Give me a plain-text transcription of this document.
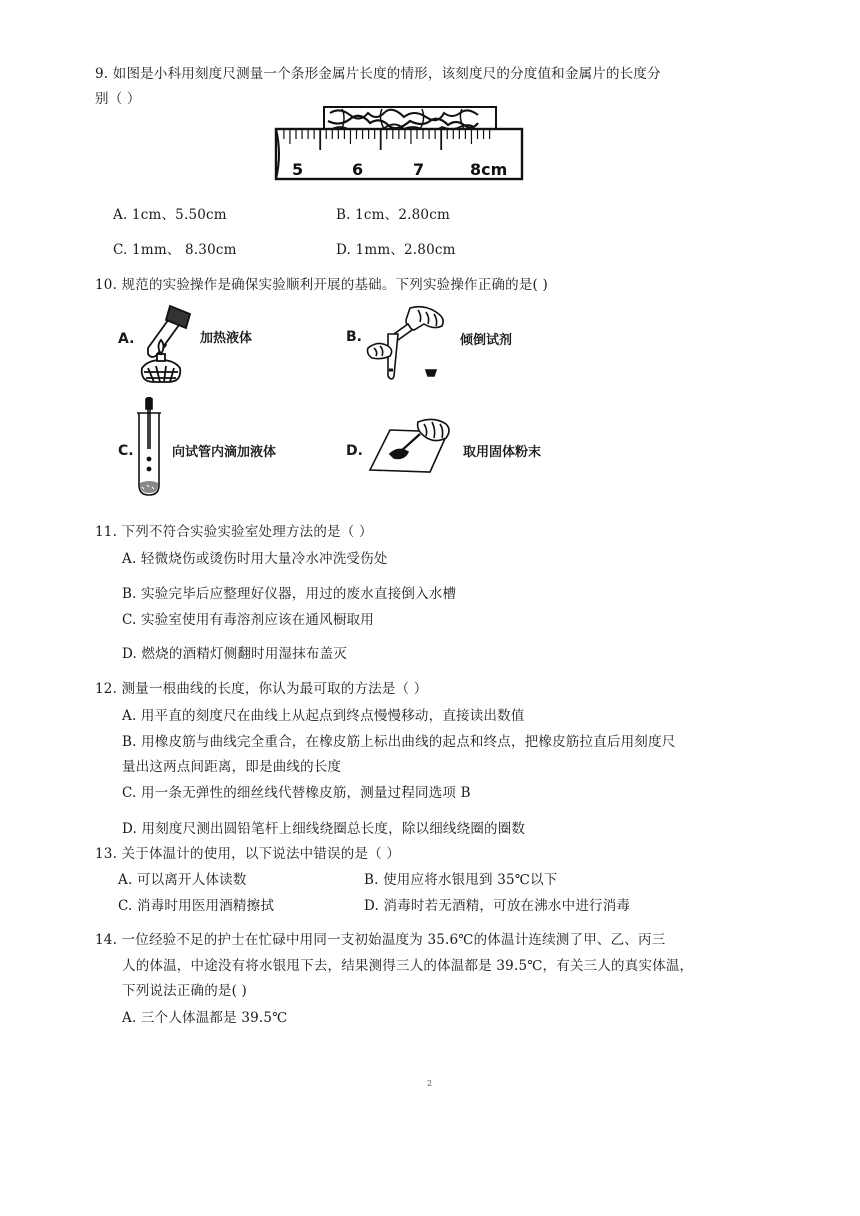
9. 如图是小科用刻度尺测量一个条形金属片长度的情形，该刻度尺的分度值和金属片的长度分
别（ ）
5	6	7	8cm
A. 1cm、5.50cm	B. 1cm、2.80cm
C. 1mm、 8.30cm	D. 1mm、2.80cm
10. 规范的实验操作是确保实验顺利开展的基础。下列实验操作正确的是( )
A.	加热液体	B.	倾倒试剂
C.	向试管内滴加液体	D.	取用固体粉末
11. 下列不符合实验实验室处理方法的是（ ）
A. 轻微烧伤或烫伤时用大量冷水冲洗受伤处
B. 实验完毕后应整理好仪器，用过的废水直接倒入水槽
C. 实验室使用有毒溶剂应该在通风橱取用
D. 燃烧的酒精灯侧翻时用湿抹布盖灭
12. 测量一根曲线的长度，你认为最可取的方法是（ ）
A. 用平直的刻度尺在曲线上从起点到终点慢慢移动，直接读出数值
B. 用橡皮筋与曲线完全重合，在橡皮筋上标出曲线的起点和终点，把橡皮筋拉直后用刻度尺
量出这两点间距离，即是曲线的长度
C. 用一条无弹性的细丝线代替橡皮筋，测量过程同选项 B
D. 用刻度尺测出圆铅笔杆上细线绕圈总长度，除以细线绕圈的圈数
13. 关于体温计的使用，以下说法中错误的是（ ）
A. 可以离开人体读数	B. 使用应将水银甩到 35℃以下
C. 消毒时用医用酒精擦拭	D. 消毒时若无酒精，可放在沸水中进行消毒
14. 一位经验不足的护士在忙碌中用同一支初始温度为 35.6℃的体温计连续测了甲、乙、丙三
人的体温，中途没有将水银甩下去，结果测得三人的体温都是 39.5℃，有关三人的真实体温，
下列说法正确的是( )
A. 三个人体温都是 39.5℃
2
